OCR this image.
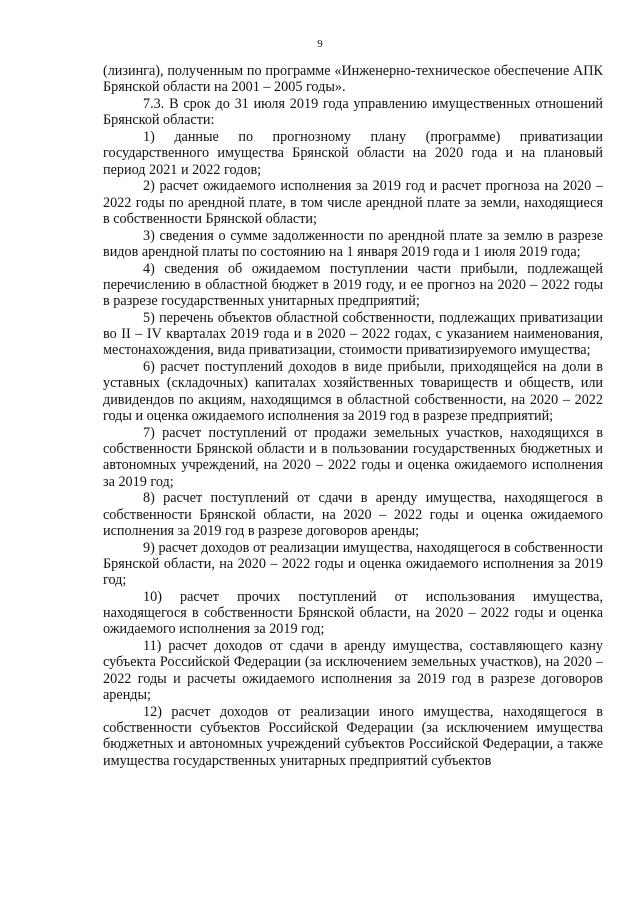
9

(лизинга), полученным по программе «Инженерно-техническое обеспечение АПК Брянской области на 2001 – 2005 годы».

7.3. В срок до 31 июля 2019 года управлению имущественных отношений Брянской области:

1) данные по прогнозному плану (программе) приватизации государственного имущества Брянской области на 2020 года и на плановый период 2021 и 2022 годов;

2) расчет ожидаемого исполнения за 2019 год и расчет прогноза на 2020 – 2022 годы по арендной плате, в том числе арендной плате за земли, находящиеся в собственности Брянской области;

3) сведения о сумме задолженности по арендной плате за землю в разрезе видов арендной платы по состоянию на 1 января 2019 года и 1 июля 2019 года;

4) сведения об ожидаемом поступлении части прибыли, подлежащей перечислению в областной бюджет в 2019 году, и ее прогноз на 2020 – 2022 годы в разрезе государственных унитарных предприятий;

5) перечень объектов областной собственности, подлежащих приватизации во II – IV кварталах 2019 года и в 2020 – 2022 годах, с указанием наименования, местонахождения, вида приватизации, стоимости приватизируемого имущества;

6) расчет поступлений доходов в виде прибыли, приходящейся на доли в уставных (складочных) капиталах хозяйственных товариществ и обществ, или дивидендов по акциям, находящимся в областной собственности, на 2020 – 2022 годы и оценка ожидаемого исполнения за 2019 год в разрезе предприятий;

7) расчет поступлений от продажи земельных участков, находящихся в собственности Брянской области и в пользовании государственных бюджетных и автономных учреждений, на 2020 – 2022 годы и оценка ожидаемого исполнения за 2019 год;

8) расчет поступлений от сдачи в аренду имущества, находящегося в собственности Брянской области, на 2020 – 2022 годы и оценка ожидаемого исполнения за 2019 год в разрезе договоров аренды;

9) расчет доходов от реализации имущества, находящегося в собственности Брянской области, на 2020 – 2022 годы и оценка ожидаемого исполнения за 2019 год;

10) расчет прочих поступлений от использования имущества, находящегося в собственности Брянской области, на 2020 – 2022 годы и оценка ожидаемого исполнения за 2019 год;

11) расчет доходов от сдачи в аренду имущества, составляющего казну субъекта Российской Федерации (за исключением земельных участков), на 2020 – 2022 годы и расчеты ожидаемого исполнения за 2019 год в разрезе договоров аренды;

12) расчет доходов от реализации иного имущества, находящегося в собственности субъектов Российской Федерации (за исключением имущества бюджетных и автономных учреждений субъектов Российской Федерации, а также имущества государственных унитарных предприятий субъектов
